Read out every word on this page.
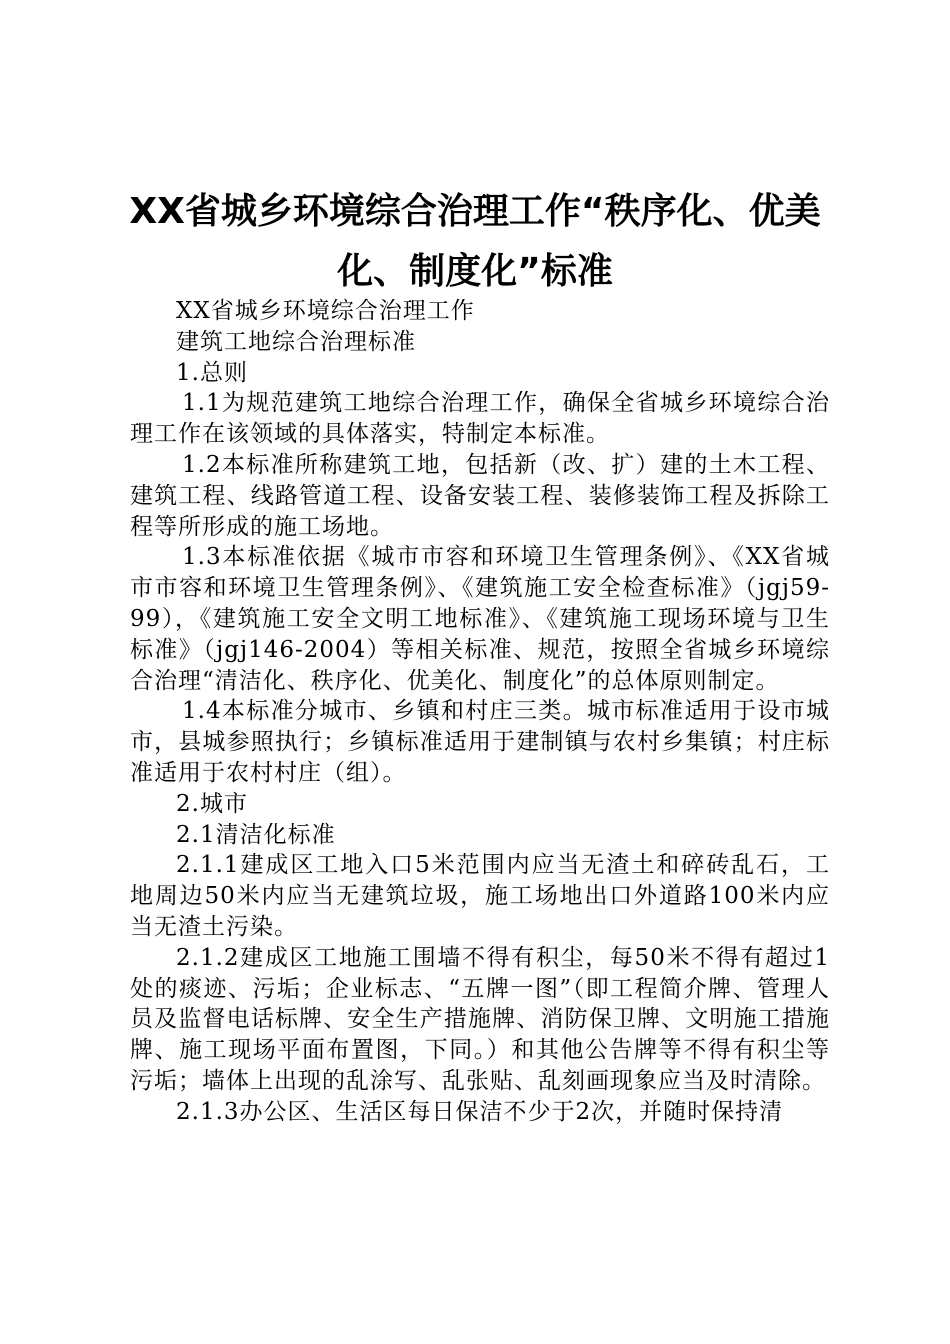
XX省城乡环境综合治理工作“秩序化、优美化、制度化”标准

XX省城乡环境综合治理工作

建筑工地综合治理标准

1.总则

1.1为规范建筑工地综合治理工作，确保全省城乡环境综合治理工作在该领域的具体落实，特制定本标准。

1.2本标准所称建筑工地，包括新（改、扩）建的土木工程、建筑工程、线路管道工程、设备安装工程、装修装饰工程及拆除工程等所形成的施工场地。

1.3本标准依据《城市市容和环境卫生管理条例》、《XX省城市市容和环境卫生管理条例》、《建筑施工安全检查标准》（jgj59-99），《建筑施工安全文明工地标准》、《建筑施工现场环境与卫生标准》（jgj146-2004）等相关标准、规范，按照全省城乡环境综合治理“清洁化、秩序化、优美化、制度化”的总体原则制定。

1.4本标准分城市、乡镇和村庄三类。城市标准适用于设市城市，县城参照执行；乡镇标准适用于建制镇与农村乡集镇；村庄标准适用于农村村庄（组）。

2.城市

2.1清洁化标准

2.1.1建成区工地入口5米范围内应当无渣土和碎砖乱石，工地周边50米内应当无建筑垃圾，施工场地出口外道路100米内应当无渣土污染。

2.1.2建成区工地施工围墙不得有积尘，每50米不得有超过1处的痰迹、污垢；企业标志、“五牌一图”（即工程简介牌、管理人员及监督电话标牌、安全生产措施牌、消防保卫牌、文明施工措施牌、施工现场平面布置图，下同。）和其他公告牌等不得有积尘等污垢；墙体上出现的乱涂写、乱张贴、乱刻画现象应当及时清除。

2.1.3办公区、生活区每日保洁不少于2次，并随时保持清
